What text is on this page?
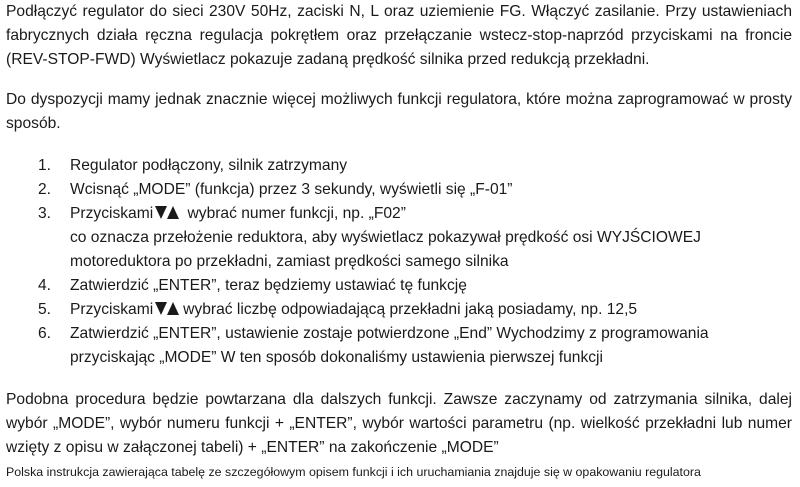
Podłączyć regulator do sieci 230V 50Hz, zaciski N, L oraz uziemienie FG. Włączyć zasilanie. Przy ustawieniach fabrycznych działa ręczna regulacja pokrętłem oraz przełączanie wstecz-stop-naprzód przyciskami na froncie (REV-STOP-FWD) Wyświetlacz pokazuje zadaną prędkość silnika przed redukcją przekładni.

Do dyspozycji mamy jednak znacznie więcej możliwych funkcji regulatora, które można zaprogramować w prosty sposób.

1. Regulator podłączony, silnik zatrzymany
2. Wcisnąć „MODE” (funkcja) przez 3 sekundy, wyświetli się „F-01”
3. Przyciskami wybrać numer funkcji, np. „F02”
co oznacza przełożenie reduktora, aby wyświetlacz pokazywał prędkość osi WYJŚCIOWEJ
motoreduktora po przekładni, zamiast prędkości samego silnika
4. Zatwierdzić „ENTER”, teraz będziemy ustawiać tę funkcję
5. Przyciskami wybrać liczbę odpowiadającą przekładni jaką posiadamy, np. 12,5
6. Zatwierdzić „ENTER”, ustawienie zostaje potwierdzone „End” Wychodzimy z programowania
przyciskając „MODE” W ten sposób dokonaliśmy ustawienia pierwszej funkcji

Podobna procedura będzie powtarzana dla dalszych funkcji. Zawsze zaczynamy od zatrzymania silnika, dalej wybór „MODE”, wybór numeru funkcji + „ENTER”, wybór wartości parametru (np. wielkość przekładni lub numer wzięty z opisu w załączonej tabeli) + „ENTER” na zakończenie „MODE”

Polska instrukcja zawierająca tabelę ze szczegółowym opisem funkcji i ich uruchamiania znajduje się w opakowaniu regulatora
